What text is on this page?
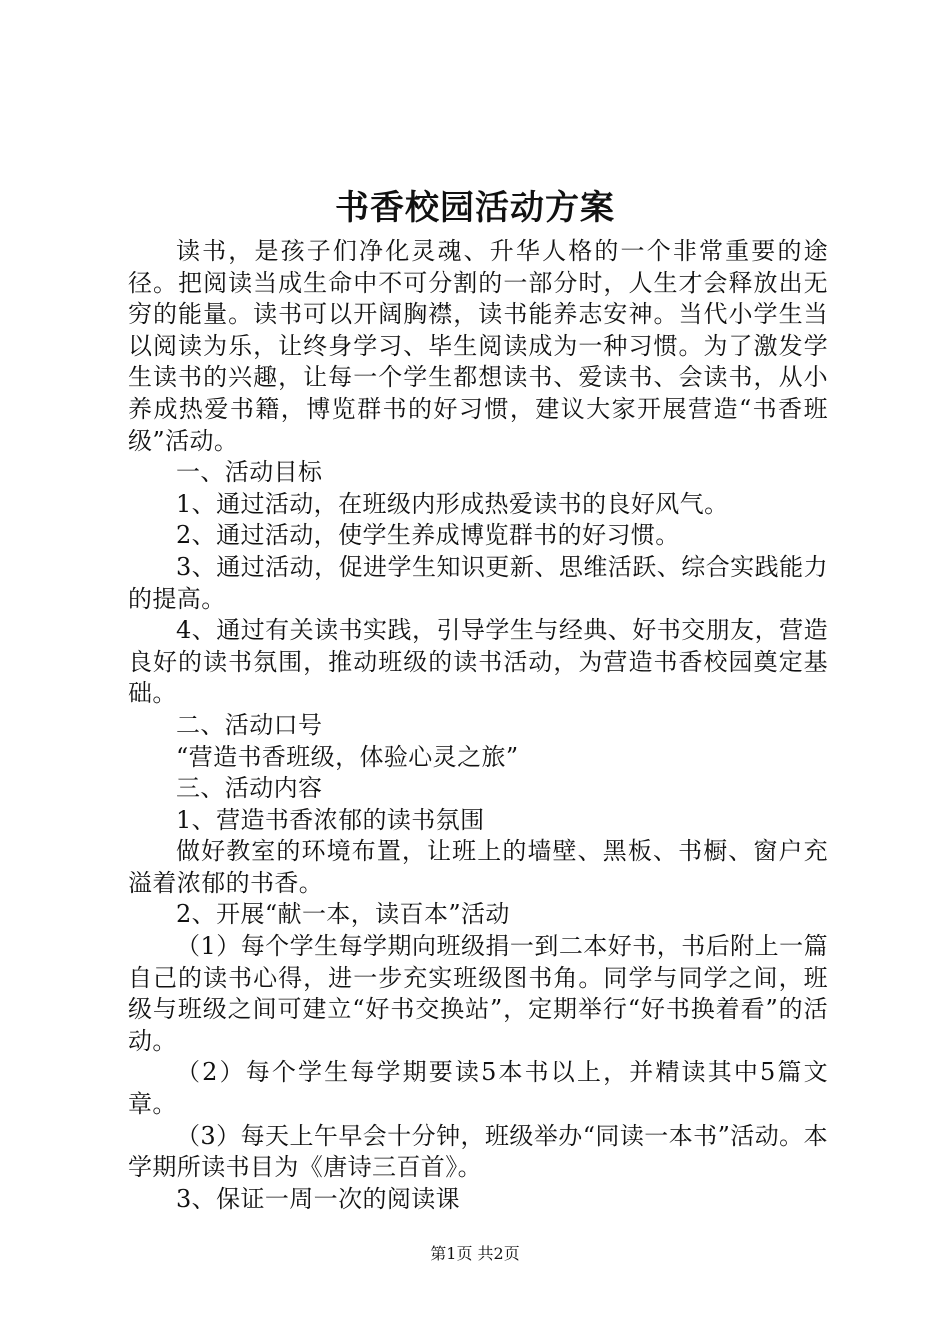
书香校园活动方案

读书，是孩子们净化灵魂、升华人格的一个非常重要的途径。把阅读当成生命中不可分割的一部分时，人生才会释放出无穷的能量。读书可以开阔胸襟，读书能养志安神。当代小学生当以阅读为乐，让终身学习、毕生阅读成为一种习惯。为了激发学生读书的兴趣，让每一个学生都想读书、爱读书、会读书，从小养成热爱书籍，博览群书的好习惯，建议大家开展营造“书香班级”活动。

一、活动目标

1、通过活动，在班级内形成热爱读书的良好风气。

2、通过活动，使学生养成博览群书的好习惯。

3、通过活动，促进学生知识更新、思维活跃、综合实践能力的提高。

4、通过有关读书实践，引导学生与经典、好书交朋友，营造良好的读书氛围，推动班级的读书活动，为营造书香校园奠定基础。

二、活动口号

“营造书香班级，体验心灵之旅”

三、活动内容

1、营造书香浓郁的读书氛围

做好教室的环境布置，让班上的墙壁、黑板、书橱、窗户充溢着浓郁的书香。

2、开展“献一本，读百本”活动

（1）每个学生每学期向班级捐一到二本好书，书后附上一篇自己的读书心得，进一步充实班级图书角。同学与同学之间，班级与班级之间可建立“好书交换站”，定期举行“好书换着看”的活动。

（2）每个学生每学期要读5本书以上，并精读其中5篇文章。

（3）每天上午早会十分钟，班级举办“同读一本书”活动。本学期所读书目为《唐诗三百首》。

3、保证一周一次的阅读课

第1页 共2页
